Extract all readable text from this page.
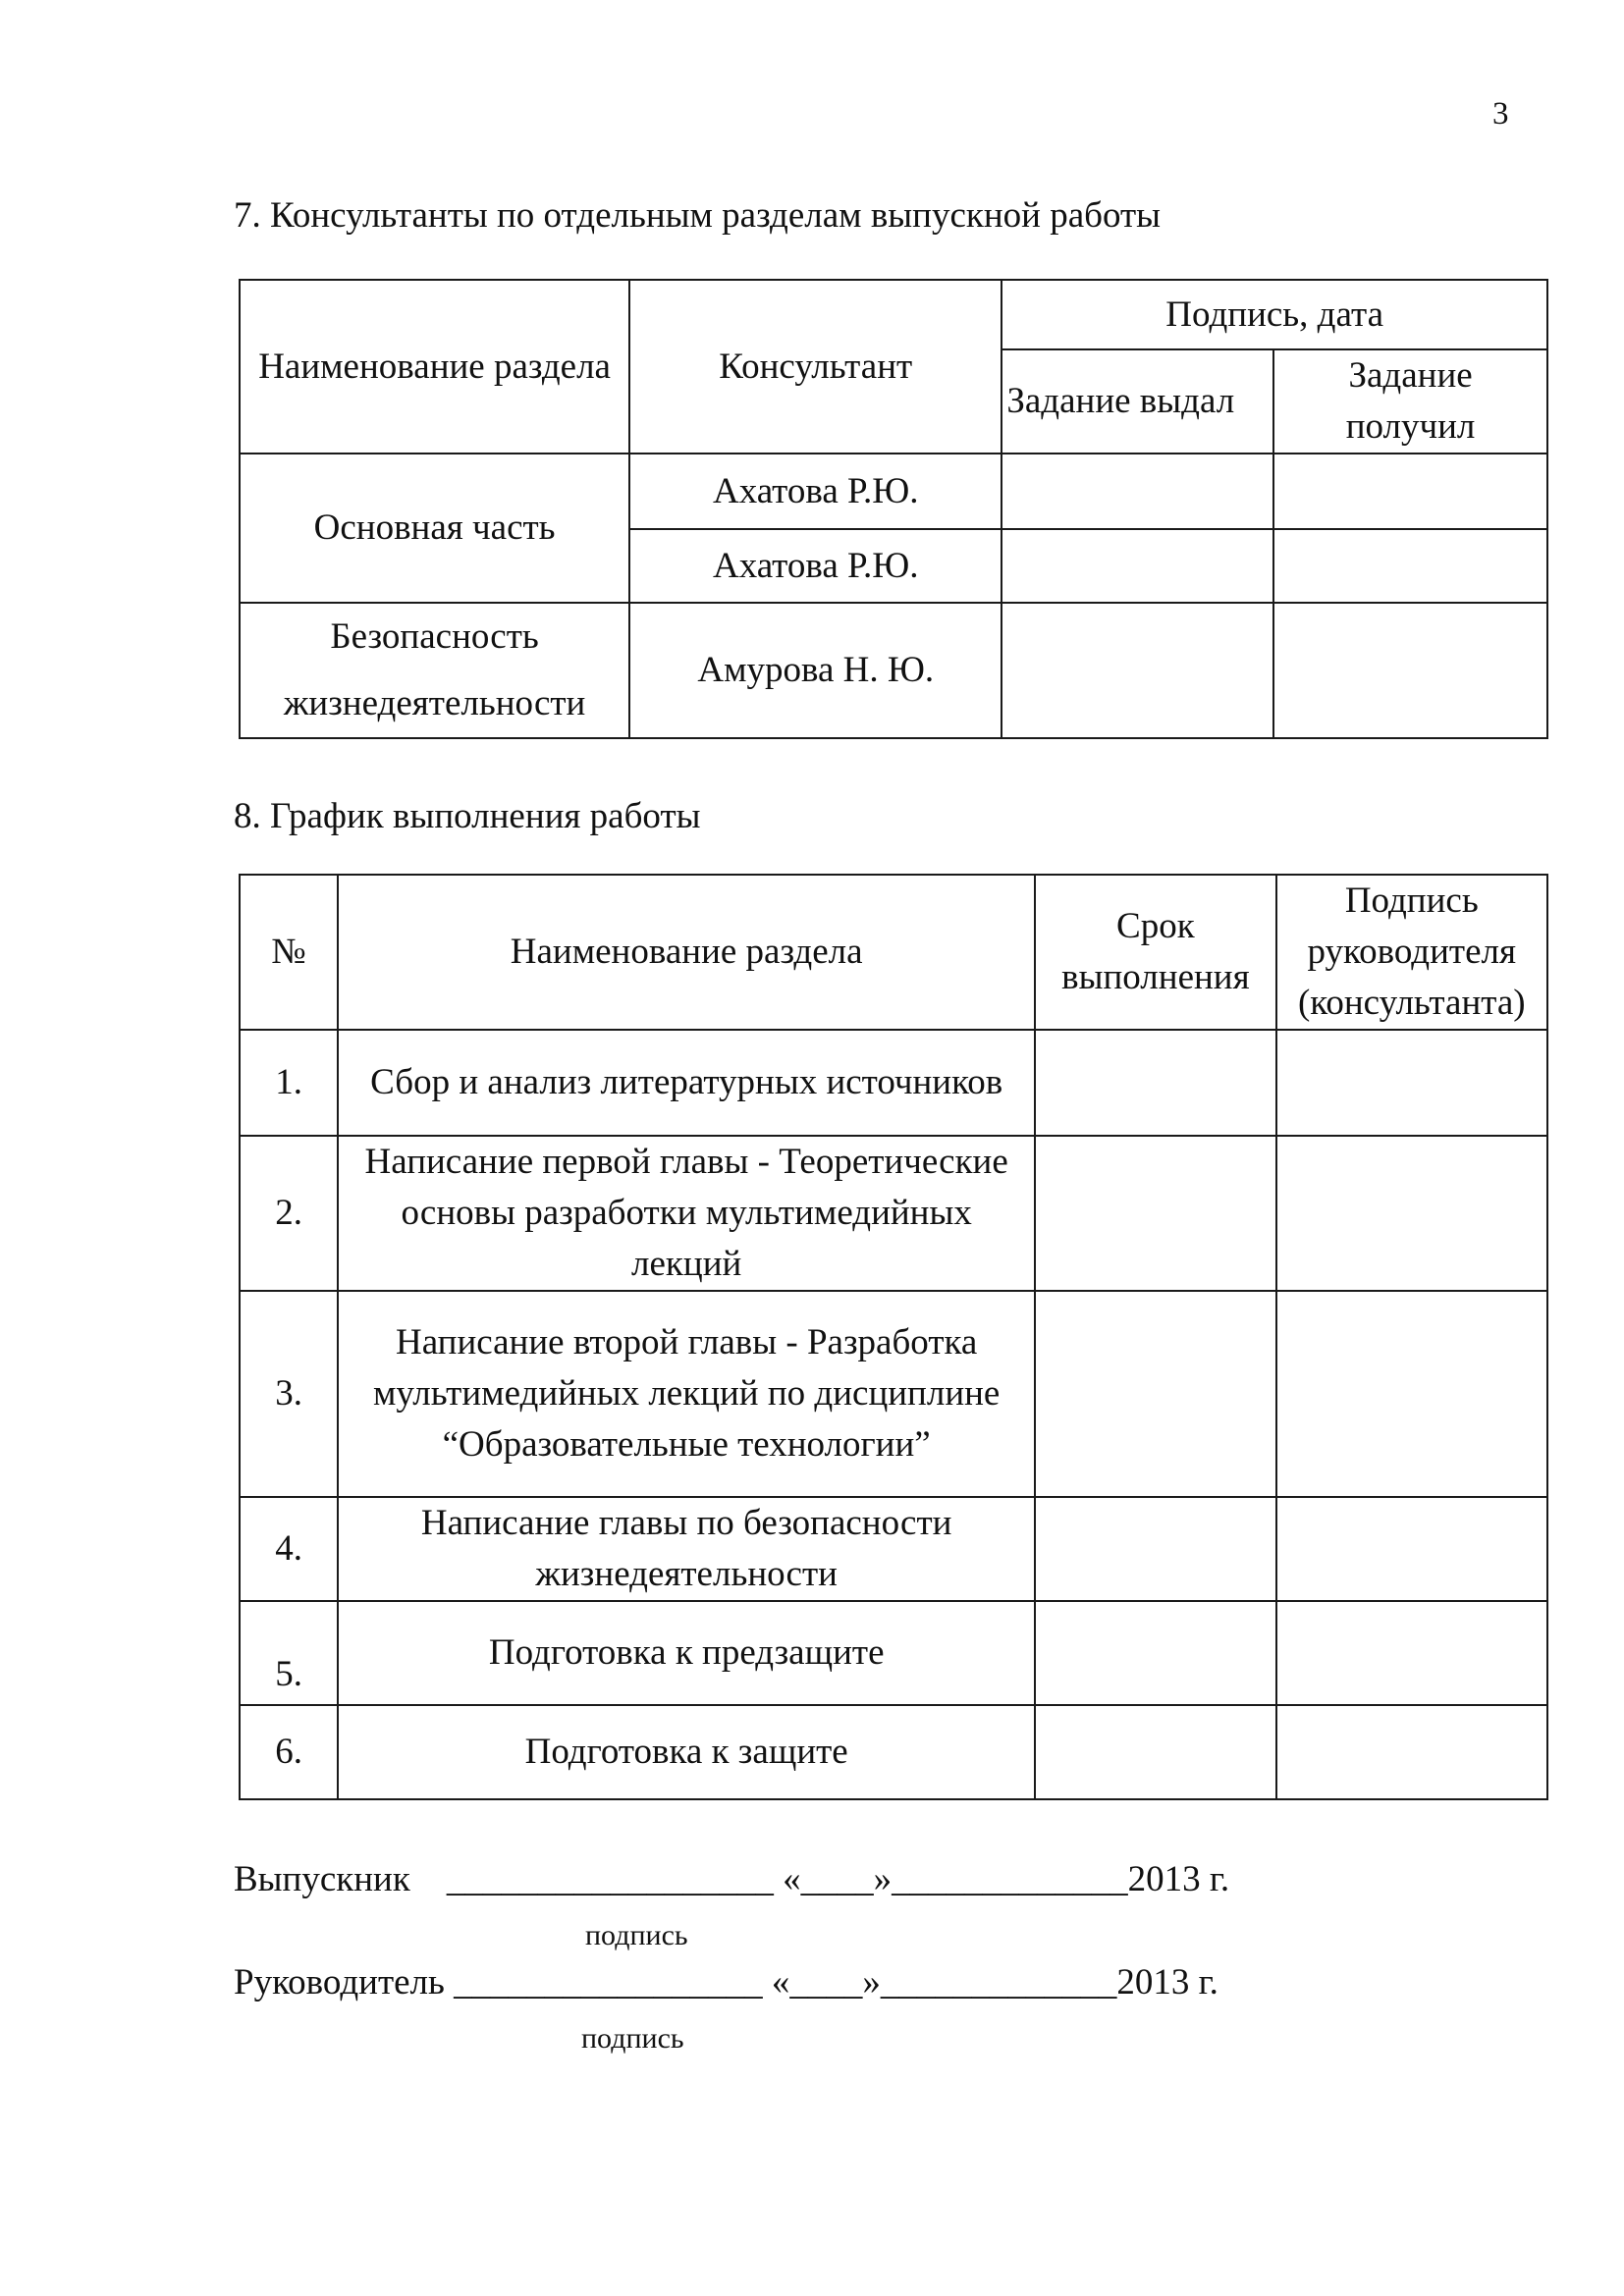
3
7. Консультанты по отдельным разделам выпускной работы
Наименование раздела	Консультант	Подпись, дата	
		Задание выдал	Задание получил
Основная часть	Ахатова Р.Ю.		
	Ахатова Р.Ю.		
Безопасность жизнедеятельности	Амурова Н. Ю.		
8. График выполнения работы
№	Наименование раздела	Срок выполнения	Подпись руководителя (консультанта)
1.	Сбор и анализ литературных источников		
2.	Написание первой главы - Теоретические основы разработки мультимедийных лекций		
3.	Написание второй главы - Разработка мультимедийных лекций по дисциплине “Образовательные технологии”		
4.	Написание главы по безопасности жизнедеятельности		
5.	Подготовка к предзащите		
6.	Подготовка к защите		
Выпускник    __________________ «____»_____________2013 г.
подпись
Руководитель _________________ «____»_____________2013 г.
подпись
